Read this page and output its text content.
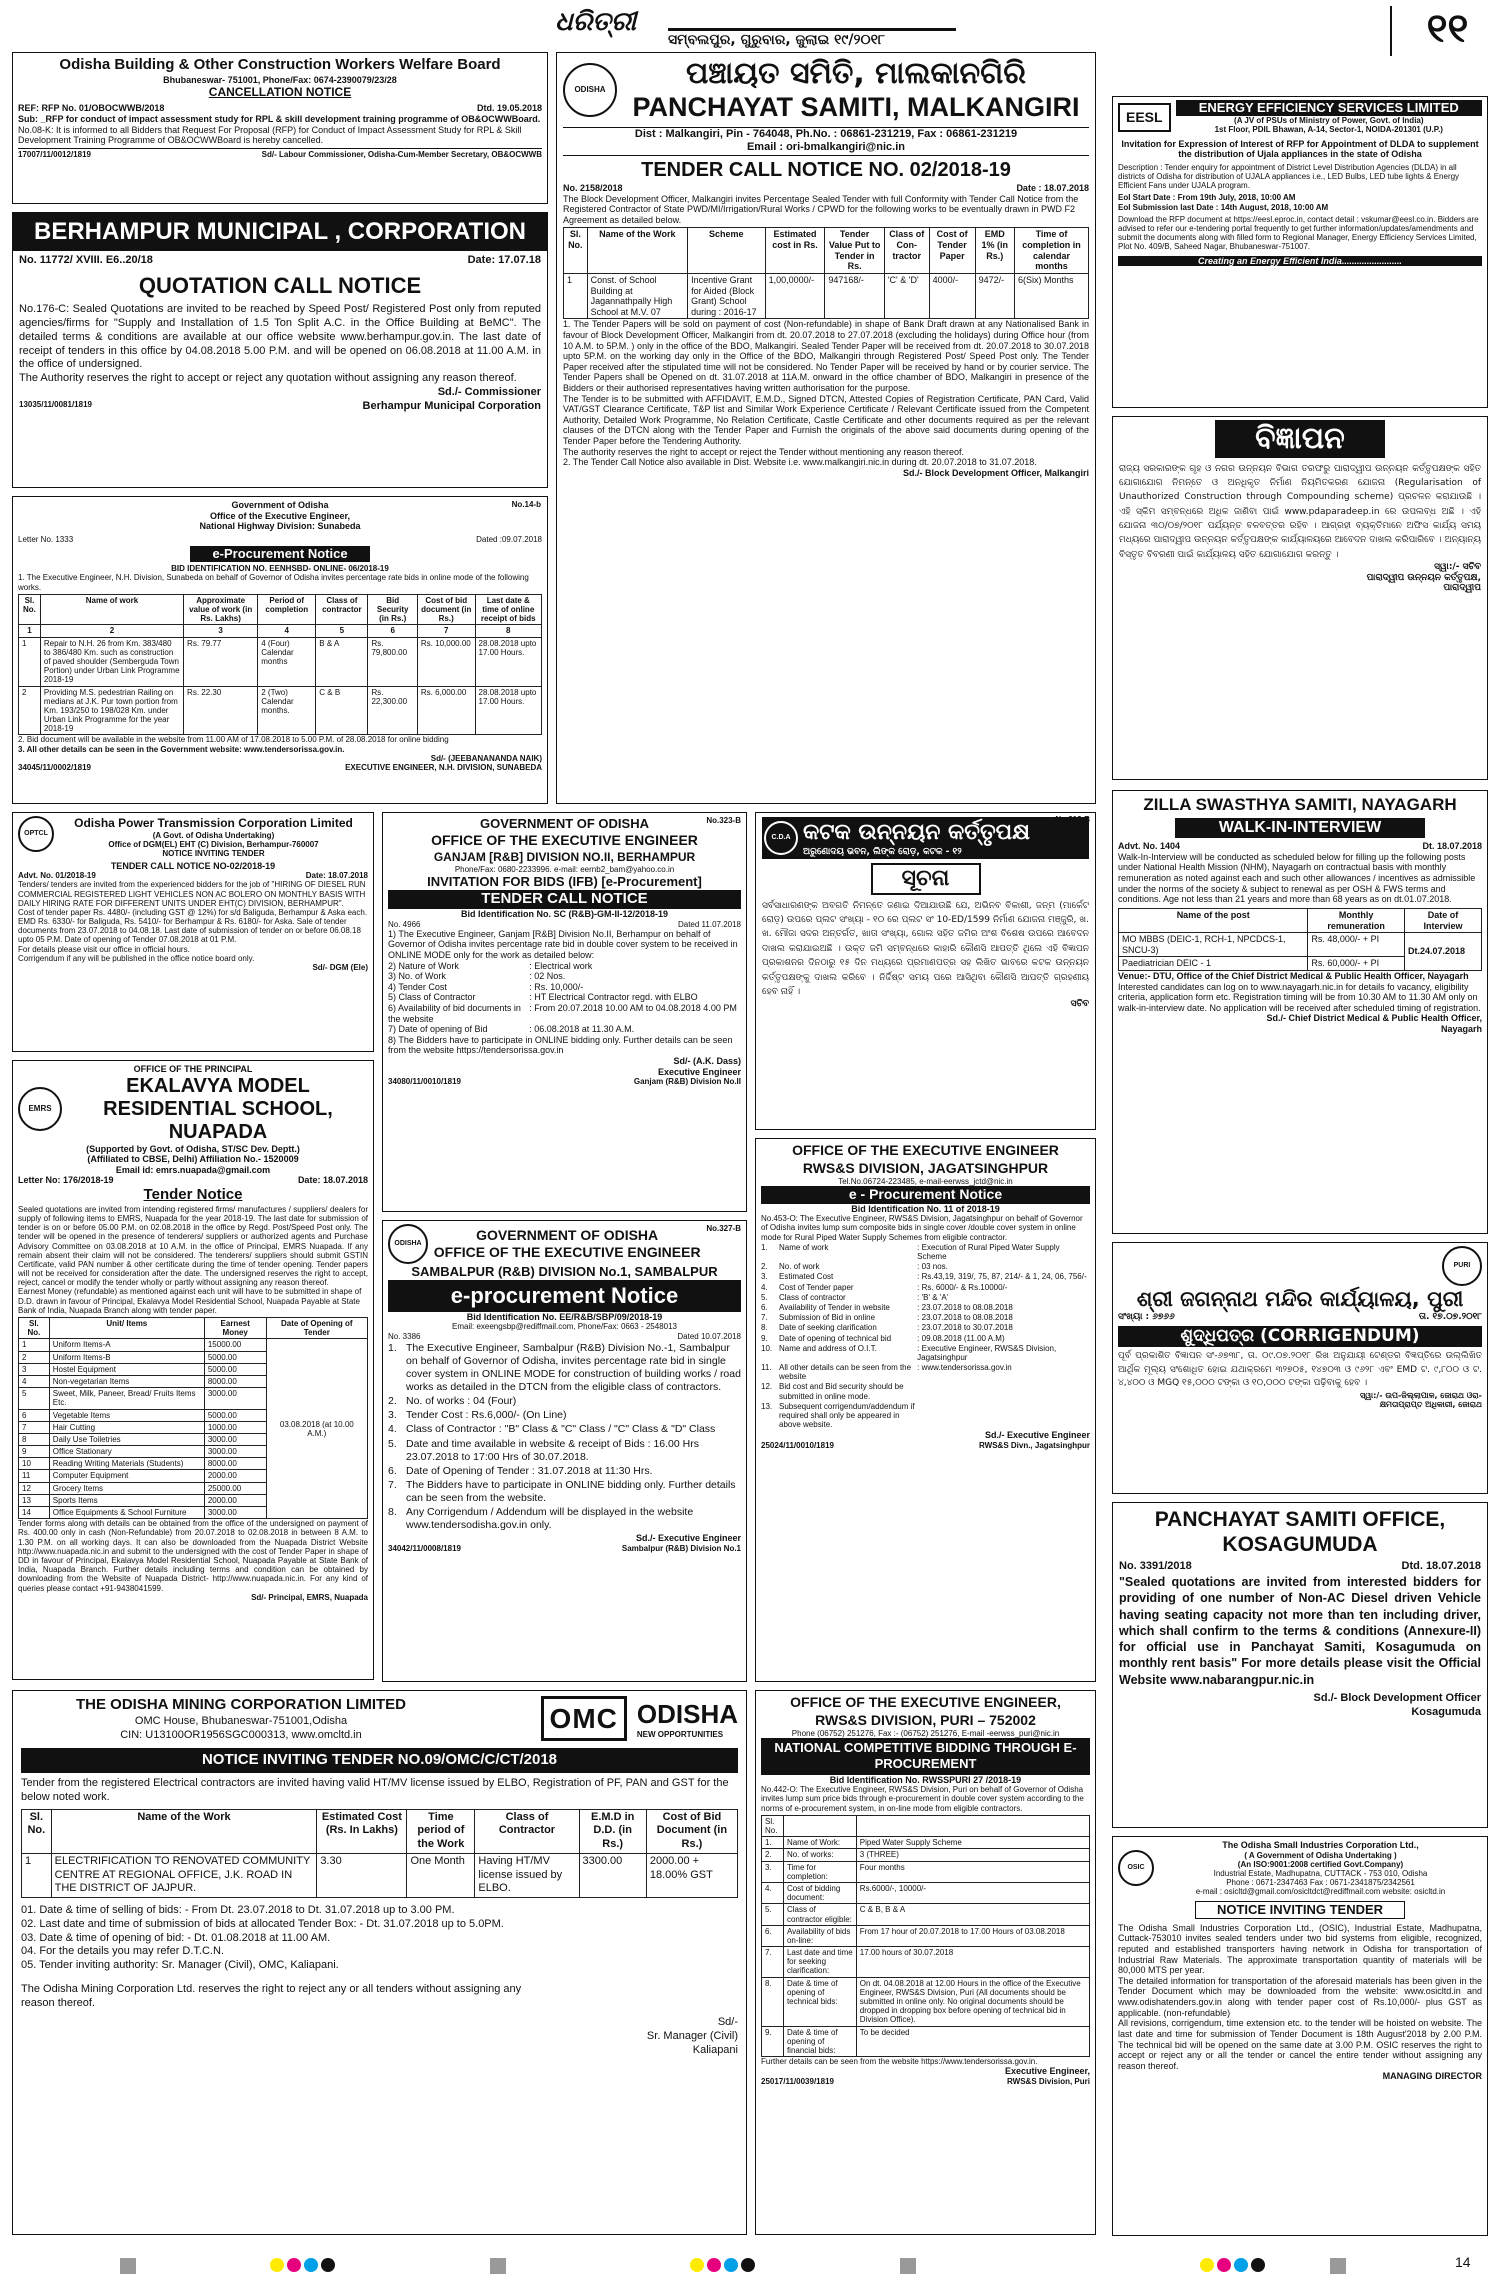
ଧରିତ୍ରୀ
ସମ୍ବଲପୁର, ଗୁରୁବାର, ଜୁଲାଇ ୧୯/୨୦୧୮	୧୧
Odisha Building & Other Construction Workers Welfare Board
Bhubaneswar- 751001, Phone/Fax: 0674-2390079/23/28
CANCELLATION NOTICE
REF: RFP No. 01/OBOCWWB/2018	Dtd. 19.05.2018
Sub: _RFP for conduct of impact assessment study for RPL & skill development training programme of OB&OCWWBoard.
No.08-K: It is informed to all Bidders that Request For Proposal (RFP) for Conduct of Impact Assessment Study for RPL & Skill Development Training Programme of OB&OCWWBoard is hereby cancelled.
17007/11/0012/1819	Sd/- Labour Commissioner, Odisha-Cum-Member Secretary, OB&OCWWB
BERHAMPUR MUNICIPAL , CORPORATION
No. 11772/ XVIII. E6..20/18	Date: 17.07.18
QUOTATION CALL NOTICE
No.176-C: Sealed Quotations are invited to be reached by Speed Post/ Registered Post only from reputed agencies/firms for "Supply and Installation of 1.5 Ton Split A.C. in the Office Building at BeMC". The detailed terms & conditions are available at our office website www.berhampur.gov.in. The last date of receipt of tenders in this office by 04.08.2018 5.00 P.M. and will be opened on 06.08.2018 at 11.00 A.M. in the office of undersigned.
The Authority reserves the right to accept or reject any quotation without assigning any reason thereof.
Sd./- Commissioner
13035/11/0081/1819	Berhampur Municipal Corporation
No.14-b
Government of Odisha
Office of the Executive Engineer,
National Highway Division: Sunabeda
Letter No. 1333	Dated :09.07.2018
e-Procurement Notice
BID IDENTIFICATION NO. EENHSBD- ONLINE- 06/2018-19
1. The Executive Engineer, N.H. Division, Sunabeda on behalf of Governor of Odisha invites percentage rate bids in online mode of the following works.
Sl. No.	Name of work	Approximate value of work (in Rs. Lakhs)	Period of completion	Class of contractor	Bid Security (in Rs.)	Cost of bid document (in Rs.)	Last date & time of online receipt of bids
1	2	3	4	5	6	7	8
1	Repair to N.H. 26 from Km. 383/480 to 386/480 Km. such as construction of paved shoulder (Semberguda Town Portion) under Urban Link Programme 2018-19	Rs. 79.77	4 (Four) Calendar months	B & A	Rs. 79,800.00	Rs. 10,000.00	28.08.2018 upto 17.00 Hours.
2	Providing M.S. pedestrian Railing on medians at J.K. Pur town portion from Km. 193/250 to 198/028 Km. under Urban Link Programme for the year 2018-19	Rs. 22.30	2 (Two) Calendar months.	C & B	Rs. 22,300.00	Rs. 6,000.00	28.08.2018 upto 17.00 Hours.
2. Bid document will be available in the website from 11.00 AM of 17.08.2018 to 5.00 P.M. of 28.08.2018 for online bidding
3. All other details can be seen in the Government website: www.tendersorissa.gov.in.
Sd/- (JEEBANANANDA NAIK)
34045/11/0002/1819	EXECUTIVE ENGINEER, N.H. DIVISION, SUNABEDA
OPTCL
Odisha Power Transmission Corporation Limited
(A Govt. of Odisha Undertaking)
Office of DGM(EL) EHT (C) Division, Berhampur-760007
NOTICE INVITING TENDER
TENDER CALL NOTICE NO-02/2018-19
Advt. No. 01/2018-19	Date: 18.07.2018
Tenders/ tenders are invited from the experienced bidders for the job of "HIRING OF DIESEL RUN COMMERCIAL REGISTERED LIGHT VEHICLES NON AC BOLERO ON MONTHLY BASIS WITH DAILY HIRING RATE FOR DIFFERENT UNITS UNDER EHT(C) DIVISION, BERHAMPUR".
Cost of tender paper Rs. 4480/- (including GST @ 12%) for s/d Baliguda, Berhampur & Aska each. EMD Rs. 6330/- for Baliguda, Rs. 5410/- for Berhampur & Rs. 6180/- for Aska. Sale of tender documents from 23.07.2018 to 04.08.18. Last date of submission of tender on or before 06.08.18 upto 05 P.M. Date of opening of Tender 07.08.2018 at 01 P.M.
For details please visit our office in official hours.
Corrigendum if any will be published in the office notice board only.
Sd/- DGM (Ele)
OFFICE OF THE PRINCIPAL
EMRS
EKALAVYA MODEL RESIDENTIAL SCHOOL, NUAPADA
(Supported by Govt. of Odisha, ST/SC Dev. Deptt.)
(Affiliated to CBSE, Delhi) Affiliation No.- 1520009
Email id: emrs.nuapada@gmail.com
Letter No: 176/2018-19	Date: 18.07.2018
Tender Notice
Sealed quotations are invited from intending registered firms/ manufactures / suppliers/ dealers for supply of following items to EMRS, Nuapada for the year 2018-19. The last date for submission of tender is on or before 05.00 P.M. on 02.08.2018 in the office by Regd. Post/Speed Post only. The tender will be opened in the presence of tenderers/ suppliers or authorized agents and Purchase Advisory Committee on 03.08.2018 at 10 A.M. in the office of Principal, EMRS Nuapada. If any remain absent their claim will not be considered. The tenderers/ suppliers should submit GSTIN Certificate, valid PAN number & other certificate during the time of tender opening. Tender papers will not be received for consideration after the date. The undersigned reserves the right to accept, reject, cancel or modify the tender wholly or partly without assigning any reason thereof.
Earnest Money (refundable) as mentioned against each unit will have to be submitted in shape of D.D. drawn in favour of Principal, Ekalavya Model Residential School, Nuapada Payable at State Bank of India, Nuapada Branch along with tender paper.
Sl. No.	Unit/ Items	Earnest Money	Date of Opening of Tender
1	Uniform Items-A	15000.00	03.08.2018 (at 10.00 A.M.)
2	Uniform Items-B	5000.00	
3	Hostel Equipment	5000.00	
4	Non-vegetarian Items	8000.00	
5	Sweet, Milk, Paneer, Bread/ Fruits Items Etc.	3000.00	
6	Vegetable Items	5000.00	
7	Hair Cutting	1000.00	
8	Daily Use Toiletries	3000.00	
9	Office Stationary	3000.00	
10	Reading Writing Materials (Students)	8000.00	
11	Computer Equipment	2000.00	
12	Grocery Items	25000.00	
13	Sports Items	2000.00	
14	Office Equipments & School Furniture	3000.00	
Tender forms along with details can be obtained from the office of the undersigned on payment of Rs. 400.00 only in cash (Non-Refundable) from 20.07.2018 to 02.08.2018 in between 8 A.M. to 1.30 P.M. on all working days. It can also be downloaded from the Nuapada District Website http://www.nuapada.nic.in and submit to the undersigned with the cost of Tender Paper in shape of DD in favour of Principal, Ekalavya Model Residential School, Nuapada Payable at State Bank of India, Nuapada Branch. Further details including terms and condition can be obtained by downloading from the Website of Nuapada District- http://www.nuapada.nic.in. For any kind of queries please contact +91-9438041599.
Sd/- Principal, EMRS, Nuapada
THE ODISHA MINING CORPORATION LIMITED
OMC House, Bhubaneswar-751001,Odisha
CIN: U13100OR1956SGC000313, www.omcltd.in
OMC ODISHA
NEW OPPORTUNITIES
NOTICE INVITING TENDER NO.09/OMC/C/CT/2018
Tender from the registered Electrical contractors are invited having valid HT/MV license issued by ELBO, Registration of PF, PAN and GST for the below noted work.
Sl. No.	Name of the Work	Estimated Cost (Rs. In Lakhs)	Time period of the Work	Class of Contractor	E.M.D in D.D. (in Rs.)	Cost of Bid Document (in Rs.)
1	ELECTRIFICATION TO RENOVATED COMMUNITY CENTRE AT REGIONAL OFFICE, J.K. ROAD IN THE DISTRICT OF JAJPUR.	3.30	One Month	Having HT/MV license issued by ELBO.	3300.00	2000.00 + 18.00% GST
01. Date & time of selling of bids: - From Dt. 23.07.2018 to Dt. 31.07.2018 up to 3.00 PM.
02. Last date and time of submission of bids at allocated Tender Box: - Dt. 31.07.2018 up to 5.0PM.
03. Date & time of opening of bid: - Dt. 01.08.2018 at 11.00 AM.
04. For the details you may refer D.T.C.N.
05. Tender inviting authority: Sr. Manager (Civil), OMC, Kaliapani.
The Odisha Mining Corporation Ltd. reserves the right to reject any or all tenders without assigning any reason thereof.
Sd/-
Sr. Manager (Civil)
Kaliapani
ODISHA	ପଞ୍ଚାୟତ ସମିତି, ମାଲକାନଗିରି
PANCHAYAT SAMITI, MALKANGIRI
Dist : Malkangiri, Pin - 764048, Ph.No. : 06861-231219, Fax : 06861-231219
Email : ori-bmalkangiri@nic.in
TENDER CALL NOTICE NO. 02/2018-19
No. 2158/2018	Date : 18.07.2018
The Block Development Officer, Malkangiri invites Percentage Sealed Tender with full Conformity with Tender Call Notice from the Registered Contractor of State PWD/MI/Irrigation/Rural Works / CPWD for the following works to be eventually drawn in PWD F2 Agreement as detailed below.
Sl. No.	Name of the Work	Scheme	Estimated cost in Rs.	Tender Value Put to Tender in Rs.	Class of Con-tractor	Cost of Tender Paper	EMD 1% (in Rs.)	Time of completion in calendar months
1	Const. of School Building at Jagannathpally High School at M.V. 07	Incentive Grant for Aided (Block Grant) School during : 2016-17	1,00,0000/-	947168/-	'C' & 'D'	4000/-	9472/-	6(Six) Months
1. The Tender Papers will be sold on payment of cost (Non-refundable) in shape of Bank Draft drawn at any Nationalised Bank in favour of Block Development Officer, Malkangiri from dt. 20.07.2018 to 27.07.2018 (excluding the holidays) during Office hour (from 10 A.M. to 5P.M. ) only in the office of the BDO, Malkangiri. Sealed Tender Paper will be received from dt. 20.07.2018 to 30.07.2018 upto 5P.M. on the working day only in the Office of the BDO, Malkangiri through Registered Post/ Speed Post only. The Tender Paper received after the stipulated time will not be considered. No Tender Paper will be received by hand or by courier service. The Tender Papers shall be Opened on dt. 31.07.2018 at 11A.M. onward in the office chamber of BDO, Malkangiri in presence of the Bidders or their authorised representatives having written authorisation for the purpose.
The Tender is to be submitted with AFFIDAVIT, E.M.D., Signed DTCN, Attested Copies of Registration Certificate, PAN Card, Valid VAT/GST Clearance Certificate, T&P list and Similar Work Experience Certificate / Relevant Certificate issued from the Competent Authority, Detailed Work Programme, No Relation Certificate, Castle Certificate and other documents required as per the relevant clauses of the DTCN along with the Tender Paper and Furnish the originals of the above said documents during opening of the Tender Paper before the Tendering Authority.
The authority reserves the right to accept or reject the Tender without mentioning any reason thereof.
2. The Tender Call Notice also available in Dist. Website i.e. www.malkangiri.nic.in during dt. 20.07.2018 to 31.07.2018.
Sd./- Block Development Officer, Malkangiri
No.323-B
GOVERNMENT OF ODISHA
OFFICE OF THE EXECUTIVE ENGINEER
GANJAM [R&B] DIVISION NO.II, BERHAMPUR
Phone/Fax: 0680-2233996. e-mail: eernb2_bam@yahoo.co.in
INVITATION FOR BIDS (IFB) [e-Procurement]
TENDER CALL NOTICE
Bid Identification No. SC (R&B)-GM-II-12/2018-19
No. 4966	Dated 11.07.2018
1) The Executive Engineer, Ganjam [R&B] Division No.II, Berhampur on behalf of Governor of Odisha invites percentage rate bid in double cover system to be received in ONLINE MODE only for the work as detailed below:
2) Nature of Work	: Electrical work
3) No. of Work	: 02 Nos.
4) Tender Cost	: Rs. 10,000/-
5) Class of Contractor	: HT Electrical Contractor regd. with ELBO
6) Availability of bid documents in the website
: From 20.07.2018 10.00 AM to 04.08.2018 4.00 PM
7) Date of opening of Bid	: 06.08.2018 at 11.30 A.M.
8) The Bidders have to participate in ONLINE bidding only. Further details can be seen from the website https://tendersorissa.gov.in
Sd/- (A.K. Dass)
Executive Engineer
34080/11/0010/1819	Ganjam (R&B) Division No.II
ODISHA
GOVERNMENT OF ODISHA
OFFICE OF THE EXECUTIVE ENGINEER
No.327-B
SAMBALPUR (R&B) DIVISION No.1, SAMBALPUR
e-procurement Notice
Bid Identification No. EE/R&B/SBP/09/2018-19
Email: exeengsbp@rediffmail.com, Phone/Fax: 0663 - 2548013
No. 3386	Dated 10.07.2018
1. The Executive Engineer, Sambalpur (R&B) Division No.-1, Sambalpur on behalf of Governor of Odisha, invites percentage rate bid in single cover system in ONLINE MODE for construction of building works / road works as detailed in the DTCN from the eligible class of contractors.
2. No. of works : 04 (Four)
3. Tender Cost : Rs.6,000/- (On Line)
4. Class of Contractor : "B" Class & "C" Class / "C" Class & "D" Class
5. Date and time available in website & receipt of Bids : 16.00 Hrs 23.07.2018 to 17:00 Hrs of 30.07.2018.
6. Date of Opening of Tender : 31.07.2018 at 11:30 Hrs.
7. The Bidders have to participate in ONLINE bidding only. Further details can be seen from the website.
8. Any Corrigendum / Addendum will be displayed in the website www.tendersodisha.gov.in only.
Sd./- Executive Engineer
34042/11/0008/1819	Sambalpur (R&B) Division No.1
No.313-B
C.D.A କଟକ ଉନ୍ନୟନ କର୍ତ୍ତୃପକ୍ଷ
ଅରୁଣୋଦୟ ଭବନ, ଲିଙ୍କ ରୋଡ଼, କଟକ - ୧୨
ସୂଚନା
ସର୍ବସାଧାରଣଙ୍କ ଅବଗତି ନିମନ୍ତେ ଜଣାଇ ଦିଆଯାଉଛି ଯେ, ଅଭିନବ ବିକାଶୀ, ଜନ୍ମ (ମାର୍କେଟ ରୋଡ଼) ଉପରେ ପ୍ଲଟ ସଂଖ୍ୟା - ୧୦ ରେ ପ୍ଲଟ ସଂ 10-ED/1599 ନିର୍ମାଣ ଯୋଜନା ମଞ୍ଜୁରି, ଖ. ଖ. ମୌଜା ସଦର ଅନ୍ତର୍ଗତ, ଖାତା ସଂଖ୍ୟା, ଗୋଲ ସହିତ ଜମିର ଅଂଶ ବିଶେଷ ଉପରେ ଆବେଦନ ଦାଖଲ କରାଯାଇଅଛି । ଉକ୍ତ ଜମି ସମ୍ବନ୍ଧରେ କାହାରି କୌଣସି ଆପତ୍ତି ଥିଲେ ଏହି ବିଜ୍ଞାପନ ପ୍ରକାଶନର ଦିନଠାରୁ ୧୫ ଦିନ ମଧ୍ୟରେ ପ୍ରମାଣପତ୍ର ସହ ଲିଖିତ ଭାବରେ କଟକ ଉନ୍ନୟନ କର୍ତ୍ତୃପକ୍ଷଙ୍କୁ ଦାଖଲ କରିବେ । ନିର୍ଦ୍ଦିଷ୍ଟ ସମୟ ପରେ ଆସିଥିବା କୌଣସି ଆପତ୍ତି ଗ୍ରହଣୀୟ ହେବ ନାହିଁ ।
ସଚିବ
OFFICE OF THE EXECUTIVE ENGINEER
RWS&S DIVISION, JAGATSINGHPUR
Tel.No.06724-223485, e-mail-eerwss_jctd@nic.in
e - Procurement Notice
Bid Identification No. 11 of 2018-19
No.453-O: The Executive Engineer, RWS&S Division, Jagatsinghpur on behalf of Governor of Odisha invites lump sum composite bids in single cover /double cover system in online mode for Rural Piped Water Supply Schemes from eligible contractor.
1.	Name of work	: Execution of Rural Piped Water Supply Scheme
2.	No. of work	: 03 nos.
3.	Estimated Cost	: Rs.43,19, 319/, 75, 87, 214/- & 1, 24, 06, 756/-
4.	Cost of Tender paper	: Rs. 6000/- & Rs.10000/-
5.	Class of contractor	: 'B' & 'A'
6.	Availability of Tender in website	: 23.07.2018 to 08.08.2018
7.	Submission of Bid in online	: 23.07.2018 to 08.08.2018
8.	Date of seeking clarification	: 23.07.2018 to 30.07.2018
9.	Date of opening of technical bid	: 09.08.2018 (11.00 A.M)
10. Name and address of O.I.T.	: Executive Engineer, RWS&S Division, Jagatsinghpur
11. All other details can be seen from the website
: www.tendersorissa.gov.in
12. Bid cost and Bid security should be submitted in online mode.
13. Subsequent corrigendum/addendum if required shall only be appeared in above website.
Sd./- Executive Engineer
25024/11/0010/1819	RWS&S Divn., Jagatsinghpur
OFFICE OF THE EXECUTIVE ENGINEER,
RWS&S DIVISION, PURI – 752002
Phone (06752) 251276, Fax :- (06752) 251276, E-mail -eerwss_puri@nic.in
NATIONAL COMPETITIVE BIDDING THROUGH E-PROCUREMENT
Bid Identification No. RWSSPURI 27 /2018-19
No.442-O: The Executive Engineer, RWS&S Division, Puri on behalf of Governor of Odisha invites lump sum price bids through e-procurement in double cover system according to the norms of e-procurement system, in on-line mode from eligible contractors.
Sl. No.		
1.	Name of Work:	Piped Water Supply Scheme
2.	No. of works:	3 (THREE)
3.	Time for completion:	Four months
4.	Cost of bidding document:	Rs.6000/-, 10000/-
5.	Class of contractor eligible:	C & B, B & A
6.	Availability of bids on-line:	From 17 hour of 20.07.2018 to 17.00 Hours of 03.08.2018
7.	Last date and time for seeking clarification:	17.00 hours of 30.07.2018
8.	Date & time of opening of technical bids:	On dt. 04.08.2018 at 12.00 Hours in the office of the Executive Engineer, RWS&S Division, Puri (All documents should be submitted in online only. No original documents should be dropped in dropping box before opening of technical bid in Division Office).
9.	Date & time of opening of financial bids:	To be decided
Further details can be seen from the website https://www.tendersorissa.gov.in.
Executive Engineer,
25017/11/0039/1819	RWS&S Division, Puri
EESL
ENERGY EFFICIENCY SERVICES LIMITED
(A JV of PSUs of Ministry of Power, Govt. of India)
1st Floor, PDIL Bhawan, A-14, Sector-1, NOIDA-201301 (U.P.)
Invitation for Expression of Interest of RFP for Appointment of DLDA to supplement the distribution of Ujala appliances in the state of Odisha
Description : Tender enquiry for appointment of District Level Distribution Agencies (DLDA) in all districts of Odisha for distribution of UJALA appliances i.e., LED Bulbs, LED tube lights & Energy Efficient Fans under UJALA program.
EoI Start Date : From 19th July, 2018, 10:00 AM
EoI Submission last Date : 14th August, 2018, 10:00 AM
Download the RFP document at https://eesl.eproc.in, contact detail : vskumar@eesl.co.in. Bidders are advised to refer our e-tendering portal frequently to get further information/updates/amendments and submit the documents along with filled form to Regional Manager, Energy Efficiency Services Limited, Plot No. 409/B, Saheed Nagar, Bhubaneswar-751007.
Creating an Energy Efficient India........................
ବିଜ୍ଞାପନ
ରାଜ୍ୟ ସରକାରଙ୍କ ଗୃହ ଓ ନଗର ଉନ୍ନୟନ ବିଭାଗ ତରଫରୁ ପାରାଦ୍ୱୀପ ଉନ୍ନୟନ କର୍ତ୍ତୃପକ୍ଷଙ୍କ ସହିତ ଯୋଗାଯୋଗ ନିମନ୍ତେ ଓ ଅନଧିକୃତ ନିର୍ମାଣ ନିୟମିତକରଣ ଯୋଜନା (Regularisation of Unauthorized Construction through Compounding scheme) ପ୍ରଚଳନ କରାଯାଉଛି । ଏହି ସ୍କିମ ସମ୍ବନ୍ଧରେ ଅଧିକ ଜାଣିବା ପାଇଁ www.pdaparadeep.in ରେ ଉପଲବ୍ଧ ଅଛି । ଏହି ଯୋଜନା ୩୦/୦୭/୨୦୧୮ ପର୍ଯ୍ୟନ୍ତ ବଳବତ୍ତର ରହିବ । ଆଗ୍ରହୀ ବ୍ୟକ୍ତିମାନେ ଅଫିସ କାର୍ଯ୍ୟ ସମୟ ମଧ୍ୟରେ ପାରାଦ୍ୱୀପ ଉନ୍ନୟନ କର୍ତ୍ତୃପକ୍ଷଙ୍କ କାର୍ଯ୍ୟାଳୟରେ ଆବେଦନ ଦାଖଲ କରିପାରିବେ । ଅନ୍ୟାନ୍ୟ ବିସ୍ତୃତ ବିବରଣୀ ପାଇଁ କାର୍ଯ୍ୟାଳୟ ସହିତ ଯୋଗାଯୋଗ କରନ୍ତୁ ।
ସ୍ୱା:/- ସଚିବ
ପାରାଦ୍ୱୀପ ଉନ୍ନୟନ କର୍ତ୍ତୃପକ୍ଷ,
ପାରାଦ୍ୱୀପ
ZILLA SWASTHYA SAMITI, NAYAGARH
WALK-IN-INTERVIEW
Advt. No. 1404	Dt. 18.07.2018
Walk-In-Interview will be conducted as scheduled below for filling up the following posts under National Health Mission (NHM), Nayagarh on contractual basis with monthly remuneration as noted against each and such other allowances / incentives as admissible under the norms of the society & subject to renewal as per OSH & FWS terms and conditions. Age not less than 21 years and more than 68 years as on dt.01.07.2018.
Name of the post	Monthly remuneration	Date of Interview
MO MBBS (DEIC-1, RCH-1, NPCDCS-1, SNCU-3)	Rs. 48,000/- + PI	Dt.24.07.2018
Paediatrician DEIC - 1	Rs. 60,000/- + PI	
Venue:- DTU, Office of the Chief District Medical & Public Health Officer, Nayagarh
Interested candidates can log on to www.nayagarh.nic.in for details fo vacancy, eligibility criteria, application form etc. Registration timing will be from 10.30 AM to 11.30 AM only on walk-in-interview date. No application will be received after scheduled timing of registration.
Sd./- Chief District Medical & Public Health Officer,
Nayagarh
PURI
ଶ୍ରୀ ଜଗନ୍ନାଥ ମନ୍ଦିର କାର୍ଯ୍ୟାଳୟ, ପୁରୀ
ସଂଖ୍ୟା : ୬୭୬୬	ତା. ୧୭.୦୭.୨୦୧୮
ଶୁଦ୍ଧିପତ୍ର (CORRIGENDUM)
ପୂର୍ବ ପ୍ରକାଶିତ ବିଜ୍ଞାପନ ସଂ-୬୭୩୮, ତା. ୦୯.୦୭.୨୦୧୮ ରିଖ ଅନୁଯାୟୀ ଟେଣ୍ଡର ବିଜ୍ଞପ୍ତିରେ ଉଲ୍ଲିଖିତ ଆର୍ଥିକ ମୂଲ୍ୟ ସଂଶୋଧିତ ହୋଇ ଯଥାକ୍ରମେ ୩୨୭୦୫, ୧୪୭୦୩ ଓ ୯୬୨୮ ଏବଂ EMD ଟ. ୯,୮୦୦ ଓ ଟ. ୪,୪୦୦ ଓ MGQ ୧୫,୦୦୦ ଟଙ୍କା ଓ ୧୦,୦୦୦ ଟଙ୍କା ପଢ଼ିବାକୁ ହେବ ।
ସ୍ୱା:/- ଉପ-ଜିଲ୍ଲାପାଳ, ଜୋରାଥ ଓରା-
କ୍ଷମତାପ୍ରାପ୍ତ ଅଧିକାରୀ, ଜୋରାଥ
PANCHAYAT SAMITI OFFICE, KOSAGUMUDA
No. 3391/2018	Dtd. 18.07.2018
"Sealed quotations are invited from interested bidders for providing of one number of Non-AC Diesel driven Vehicle having seating capacity not more than ten including driver, which shall confirm to the terms & conditions (Annexure-II) for official use in Panchayat Samiti, Kosagumuda on monthly rent basis" For more details please visit the Official Website www.nabarangpur.nic.in
Sd./- Block Development Officer
Kosagumuda
OSIC
The Odisha Small Industries Corporation Ltd.,
( A Government of Odisha Undertaking )
(An ISO:9001:2008 certified Govt.Company)
Industrial Estate, Madhupatna, CUTTACK - 753 010, Odisha
Phone : 0671-2347463 Fax : 0671-2341875/2342561
e-mail : osicltd@gmail.com/osicltdct@rediffmail.com website: osicltd.in
NOTICE INVITING TENDER
The Odisha Small Industries Corporation Ltd., (OSIC), Industrial Estate, Madhupatna, Cuttack-753010 invites sealed tenders under two bid systems from eligible, recognized, reputed and established transporters having network in Odisha for transportation of Industrial Raw Materials. The approximate transportation quantity of materials will be 80,000 MTS per year.
The detailed information for transportation of the aforesaid materials has been given in the Tender Document which may be downloaded from the website: www.osicltd.in and www.odishatenders.gov.in along with tender paper cost of Rs.10,000/- plus GST as applicable. (non-refundable)
All revisions, corrigendum, time extension etc. to the tender will be hoisted on website. The last date and time for submission of Tender Document is 18th August'2018 by 2.00 P.M. The technical bid will be opened on the same date at 3.00 P.M. OSIC reserves the right to accept or reject any or all the tender or cancel the entire tender without assigning any reason thereof.
MANAGING DIRECTOR
14
